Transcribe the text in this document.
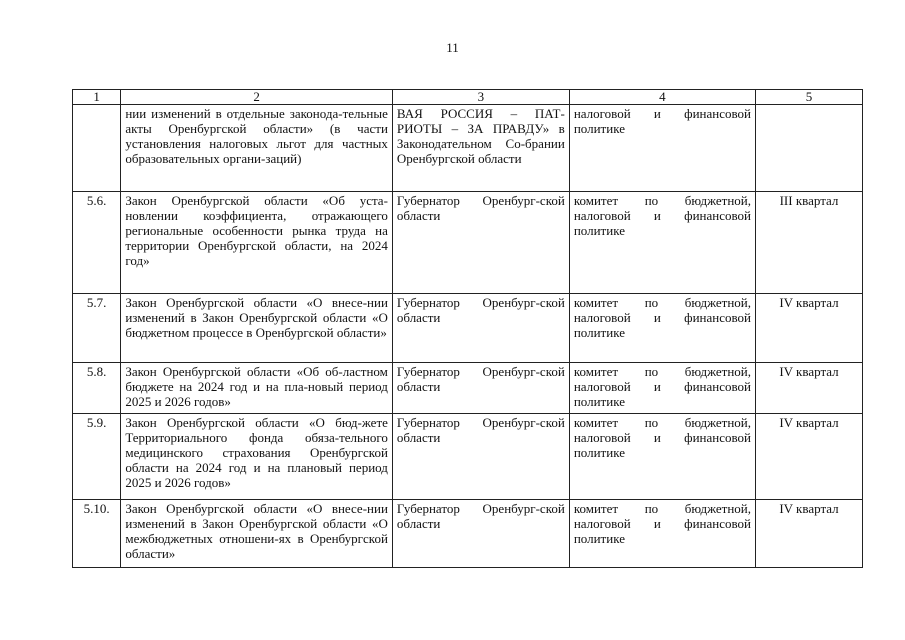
11
1	2	3	4	5
	нии изменений в отдельные законода-тельные акты Оренбургской области» (в части установления налоговых льгот для частных образовательных органи-заций)	ВАЯ РОССИЯ – ПАТ-РИОТЫ – ЗА ПРАВДУ» в Законодательном Со-брании Оренбургской области	налоговой и финансовой политике	
5.6.	Закон Оренбургской области «Об уста-новлении коэффициента, отражающего региональные особенности рынка труда на территории Оренбургской области, на 2024 год»	Губернатор Оренбург-ской области	комитет по бюджетной, налоговой и финансовой политике	III квартал
5.7.	Закон Оренбургской области «О внесе-нии изменений в Закон Оренбургской области «О бюджетном процессе в Оренбургской области»	Губернатор Оренбург-ской области	комитет по бюджетной, налоговой и финансовой политике	IV квартал
5.8.	Закон Оренбургской области «Об об-ластном бюджете на 2024 год и на пла-новый период 2025 и 2026 годов»	Губернатор Оренбург-ской области	комитет по бюджетной, налоговой и финансовой политике	IV квартал
5.9.	Закон Оренбургской области «О бюд-жете Территориального фонда обяза-тельного медицинского страхования Оренбургской области на 2024 год и на плановый период 2025 и 2026 годов»	Губернатор Оренбург-ской области	комитет по бюджетной, налоговой и финансовой политике	IV квартал
5.10.	Закон Оренбургской области «О внесе-нии изменений в Закон Оренбургской области «О межбюджетных отношени-ях в Оренбургской области»	Губернатор Оренбург-ской области	комитет по бюджетной, налоговой и финансовой политике	IV квартал
